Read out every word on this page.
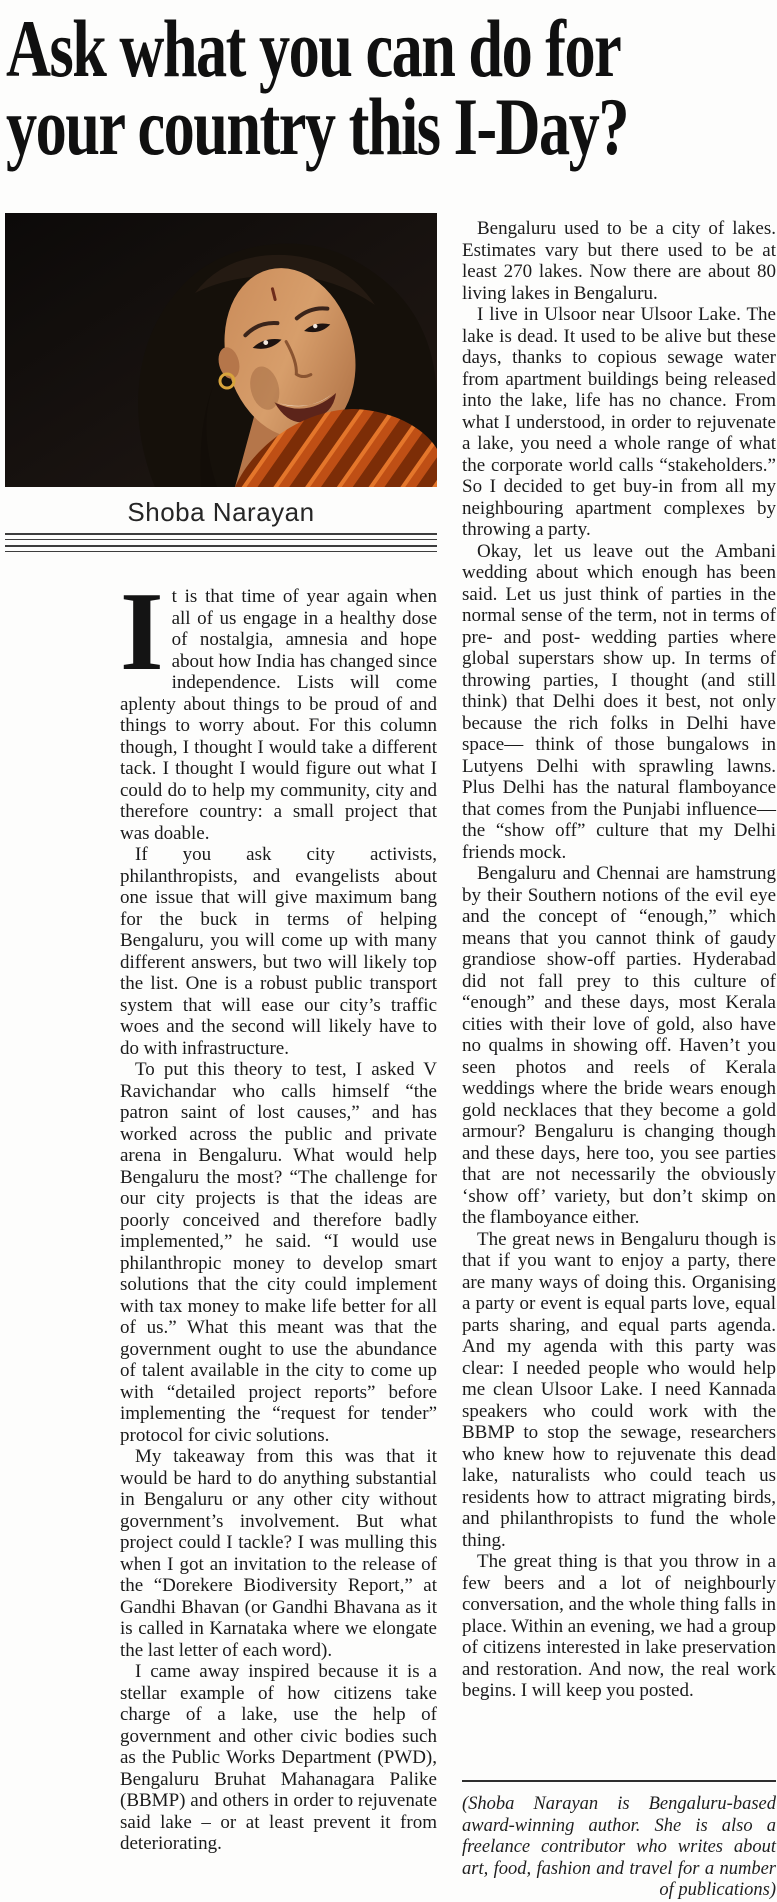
Ask what you can do for
your country this I-Day?
Shoba Narayan

It is that time of year again when all of us engage in a healthy dose of nostalgia, amnesia and hope about how India has changed since independence. Lists will come aplenty about things to be proud of and things to worry about. For this column though, I thought I would take a different tack. I thought I would figure out what I could do to help my community, city and therefore country: a small project that was doable.

If you ask city activists, philanthropists, and evangelists about one issue that will give maximum bang for the buck in terms of helping Bengaluru, you will come up with many different answers, but two will likely top the list. One is a robust public transport system that will ease our city’s traffic woes and the second will likely have to do with infrastructure.

To put this theory to test, I asked V Ravichandar who calls himself “the patron saint of lost causes,” and has worked across the public and private arena in Bengaluru. What would help Bengaluru the most? “The challenge for our city projects is that the ideas are poorly conceived and therefore badly implemented,” he said. “I would use philanthropic money to develop smart solutions that the city could implement with tax money to make life better for all of us.” What this meant was that the government ought to use the abundance of talent available in the city to come up with “detailed project reports” before implementing the “request for tender” protocol for civic solutions.

My takeaway from this was that it would be hard to do anything substantial in Bengaluru or any other city without government’s involvement. But what project could I tackle? I was mulling this when I got an invitation to the release of the “Dorekere Biodiversity Report,” at Gandhi Bhavan (or Gandhi Bhavana as it is called in Karnataka where we elongate the last letter of each word).

I came away inspired because it is a stellar example of how citizens take charge of a lake, use the help of government and other civic bodies such as the Public Works Department (PWD), Bengaluru Bruhat Mahanagara Palike (BBMP) and others in order to rejuvenate said lake – or at least prevent it from deteriorating.

Bengaluru used to be a city of lakes. Estimates vary but there used to be at least 270 lakes. Now there are about 80 living lakes in Bengaluru.

I live in Ulsoor near Ulsoor Lake. The lake is dead. It used to be alive but these days, thanks to copious sewage water from apartment buildings being released into the lake, life has no chance. From what I understood, in order to rejuvenate a lake, you need a whole range of what the corporate world calls “stakeholders.” So I decided to get buy-in from all my neighbouring apartment complexes by throwing a party.

Okay, let us leave out the Ambani wedding about which enough has been said. Let us just think of parties in the normal sense of the term, not in terms of pre- and post- wedding parties where global superstars show up. In terms of throwing parties, I thought (and still think) that Delhi does it best, not only because the rich folks in Delhi have space— think of those bungalows in Lutyens Delhi with sprawling lawns. Plus Delhi has the natural flamboyance that comes from the Punjabi influence—the “show off” culture that my Delhi friends mock.

Bengaluru and Chennai are hamstrung by their Southern notions of the evil eye and the concept of “enough,” which means that you cannot think of gaudy grandiose show-off parties. Hyderabad did not fall prey to this culture of “enough” and these days, most Kerala cities with their love of gold, also have no qualms in showing off. Haven’t you seen photos and reels of Kerala weddings where the bride wears enough gold necklaces that they become a gold armour? Bengaluru is changing though and these days, here too, you see parties that are not necessarily the obviously ‘show off’ variety, but don’t skimp on the flamboyance either.

The great news in Bengaluru though is that if you want to enjoy a party, there are many ways of doing this. Organising a party or event is equal parts love, equal parts sharing, and equal parts agenda. And my agenda with this party was clear: I needed people who would help me clean Ulsoor Lake. I need Kannada speakers who could work with the BBMP to stop the sewage, researchers who knew how to rejuvenate this dead lake, naturalists who could teach us residents how to attract migrating birds, and philanthropists to fund the whole thing.

The great thing is that you throw in a few beers and a lot of neighbourly conversation, and the whole thing falls in place. Within an evening, we had a group of citizens interested in lake preservation and restoration. And now, the real work begins. I will keep you posted.

(Shoba Narayan is Bengaluru-based award-winning author. She is also a freelance contributor who writes about art, food, fashion and travel for a number of publications)
